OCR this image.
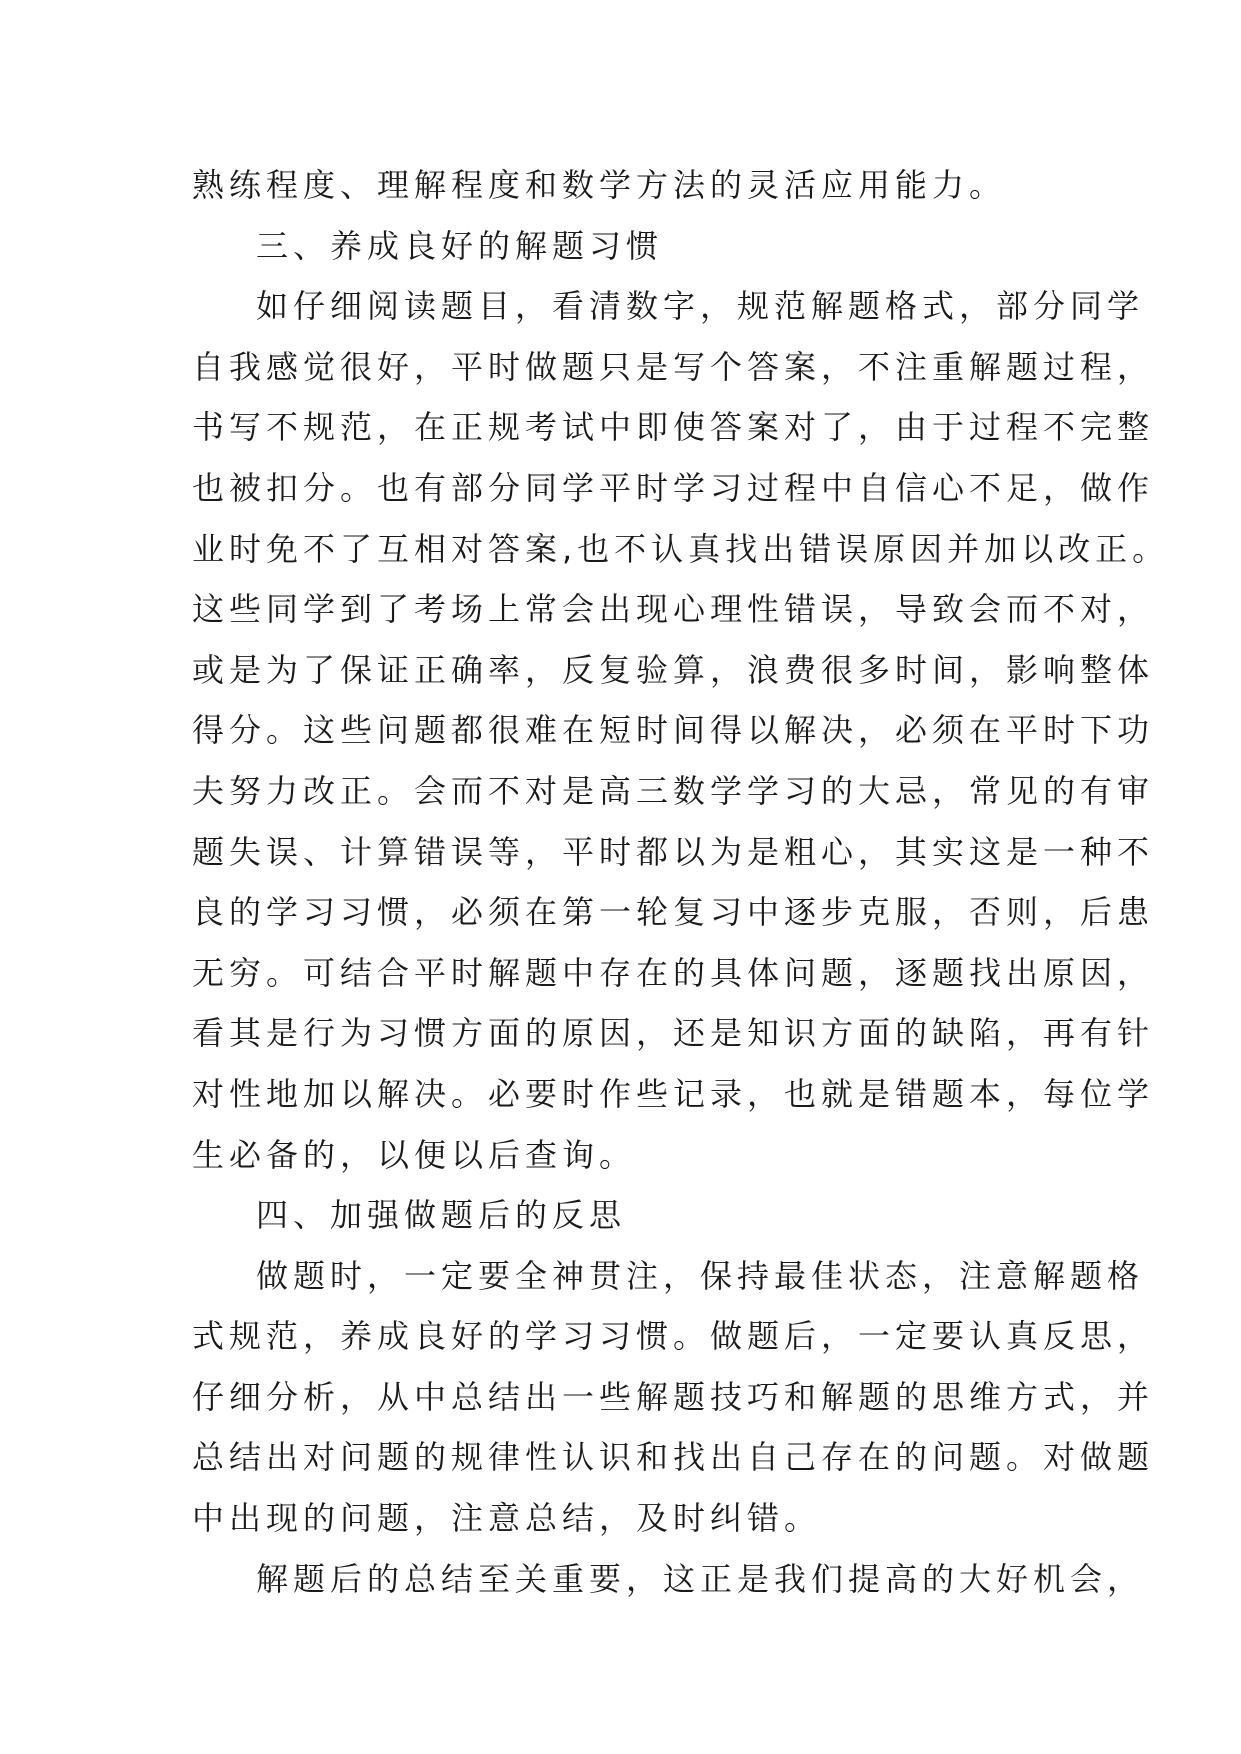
熟练程度、理解程度和数学方法的灵活应用能力。
三、养成良好的解题习惯
如仔细阅读题目，看清数字，规范解题格式，部分同学
自我感觉很好，平时做题只是写个答案，不注重解题过程，
书写不规范，在正规考试中即使答案对了，由于过程不完整
也被扣分。也有部分同学平时学习过程中自信心不足，做作
业时免不了互相对答案,也不认真找出错误原因并加以改正。
这些同学到了考场上常会出现心理性错误，导致会而不对，
或是为了保证正确率，反复验算，浪费很多时间，影响整体
得分。这些问题都很难在短时间得以解决，必须在平时下功
夫努力改正。会而不对是高三数学学习的大忌，常见的有审
题失误、计算错误等，平时都以为是粗心，其实这是一种不
良的学习习惯，必须在第一轮复习中逐步克服，否则，后患
无穷。可结合平时解题中存在的具体问题，逐题找出原因，
看其是行为习惯方面的原因，还是知识方面的缺陷，再有针
对性地加以解决。必要时作些记录，也就是错题本，每位学
生必备的，以便以后查询。
四、加强做题后的反思
做题时，一定要全神贯注，保持最佳状态，注意解题格
式规范，养成良好的学习习惯。做题后，一定要认真反思，
仔细分析，从中总结出一些解题技巧和解题的思维方式，并
总结出对问题的规律性认识和找出自己存在的问题。对做题
中出现的问题，注意总结，及时纠错。
解题后的总结至关重要，这正是我们提高的大好机会，
